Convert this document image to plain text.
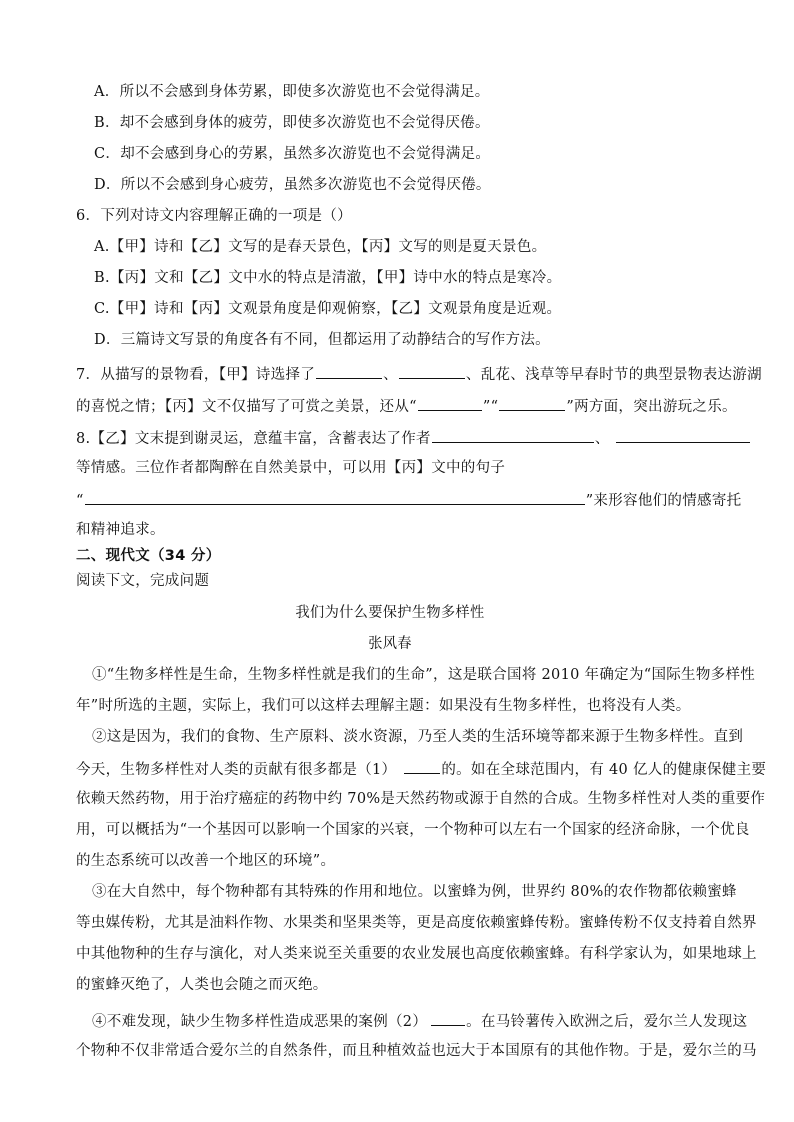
A．所以不会感到身体劳累，即使多次游览也不会觉得满足。
B．却不会感到身体的疲劳，即使多次游览也不会觉得厌倦。
C．却不会感到身心的劳累，虽然多次游览也不会觉得满足。
D．所以不会感到身心疲劳，虽然多次游览也不会觉得厌倦。
6．下列对诗文内容理解正确的一项是（）
A.【甲】诗和【乙】文写的是春天景色，【丙】文写的则是夏天景色。
B.【丙】文和【乙】文中水的特点是清澈，【甲】诗中水的特点是寒冷。
C.【甲】诗和【丙】文观景角度是仰观俯察，【乙】文观景角度是近观。
D．三篇诗文写景的角度各有不同，但都运用了动静结合的写作方法。
7．从描写的景物看，【甲】诗选择了	、	、乱花、浅草等早春时节的典型景物表达游湖
的喜悦之情；【丙】文不仅描写了可赏之美景，还从“	”“	”两方面，突出游玩之乐。
8.【乙】文末提到谢灵运，意蕴丰富，含蓄表达了作者	、
等情感。三位作者都陶醉在自然美景中，可以用【丙】文中的句子
“	”来形容他们的情感寄托
和精神追求。
二、现代文（34 分）
阅读下文，完成问题
我们为什么要保护生物多样性
张风春
①“生物多样性是生命，生物多样性就是我们的生命”，这是联合国将 2010 年确定为“国际生物多样性
年”时所选的主题，实际上，我们可以这样去理解主题：如果没有生物多样性，也将没有人类。
②这是因为，我们的食物、生产原料、淡水资源，乃至人类的生活环境等都来源于生物多样性。直到
今天，生物多样性对人类的贡献有很多都是（1）	的。如在全球范围内，有 40 亿人的健康保健主要
依赖天然药物，用于治疗癌症的药物中约 70%是天然药物或源于自然的合成。生物多样性对人类的重要作
用，可以概括为“一个基因可以影响一个国家的兴衰，一个物种可以左右一个国家的经济命脉，一个优良
的生态系统可以改善一个地区的环境”。
③在大自然中，每个物种都有其特殊的作用和地位。以蜜蜂为例，世界约 80%的农作物都依赖蜜蜂
等虫媒传粉，尤其是油料作物、水果类和坚果类等，更是高度依赖蜜蜂传粉。蜜蜂传粉不仅支持着自然界
中其他物种的生存与演化，对人类来说至关重要的农业发展也高度依赖蜜蜂。有科学家认为，如果地球上
的蜜蜂灭绝了，人类也会随之而灭绝。
④不难发现，缺少生物多样性造成恶果的案例（2）	。在马铃薯传入欧洲之后，爱尔兰人发现这
个物种不仅非常适合爱尔兰的自然条件，而且种植效益也远大于本国原有的其他作物。于是，爱尔兰的马
